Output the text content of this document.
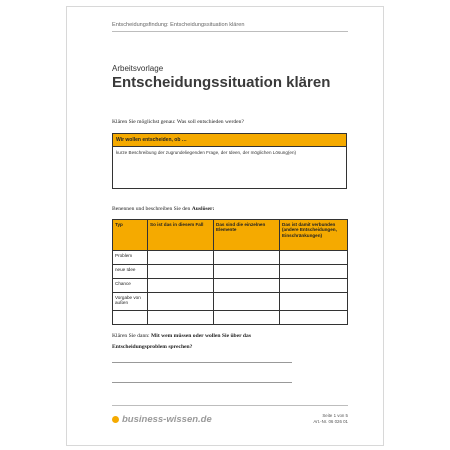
Entscheidungsfindung: Entscheidungssituation klären
Arbeitsvorlage
Entscheidungssituation klären
Klären Sie möglichst genau: Was soll entschieden werden?
Wir wollen entscheiden, ob …
kurze Beschreibung der zugrundeliegenden Frage, der Ideen, der möglichen Lösung(en)
Benennen und beschreiben Sie den Auslöser:
Typ	So ist das in diesem Fall	Das sind die einzelnen Elemente	Das ist damit verbunden (andere Entscheidungen, Einschränkungen)
Problem			
neue Idee			
Chance			
Vorgabe von außen			

Klären Sie dann: Mit wem müssen oder wollen Sie über das
Entscheidungsproblem sprechen?
business-wissen.de	Seite 1 von 5
Art.-Nr. 06 026 01
